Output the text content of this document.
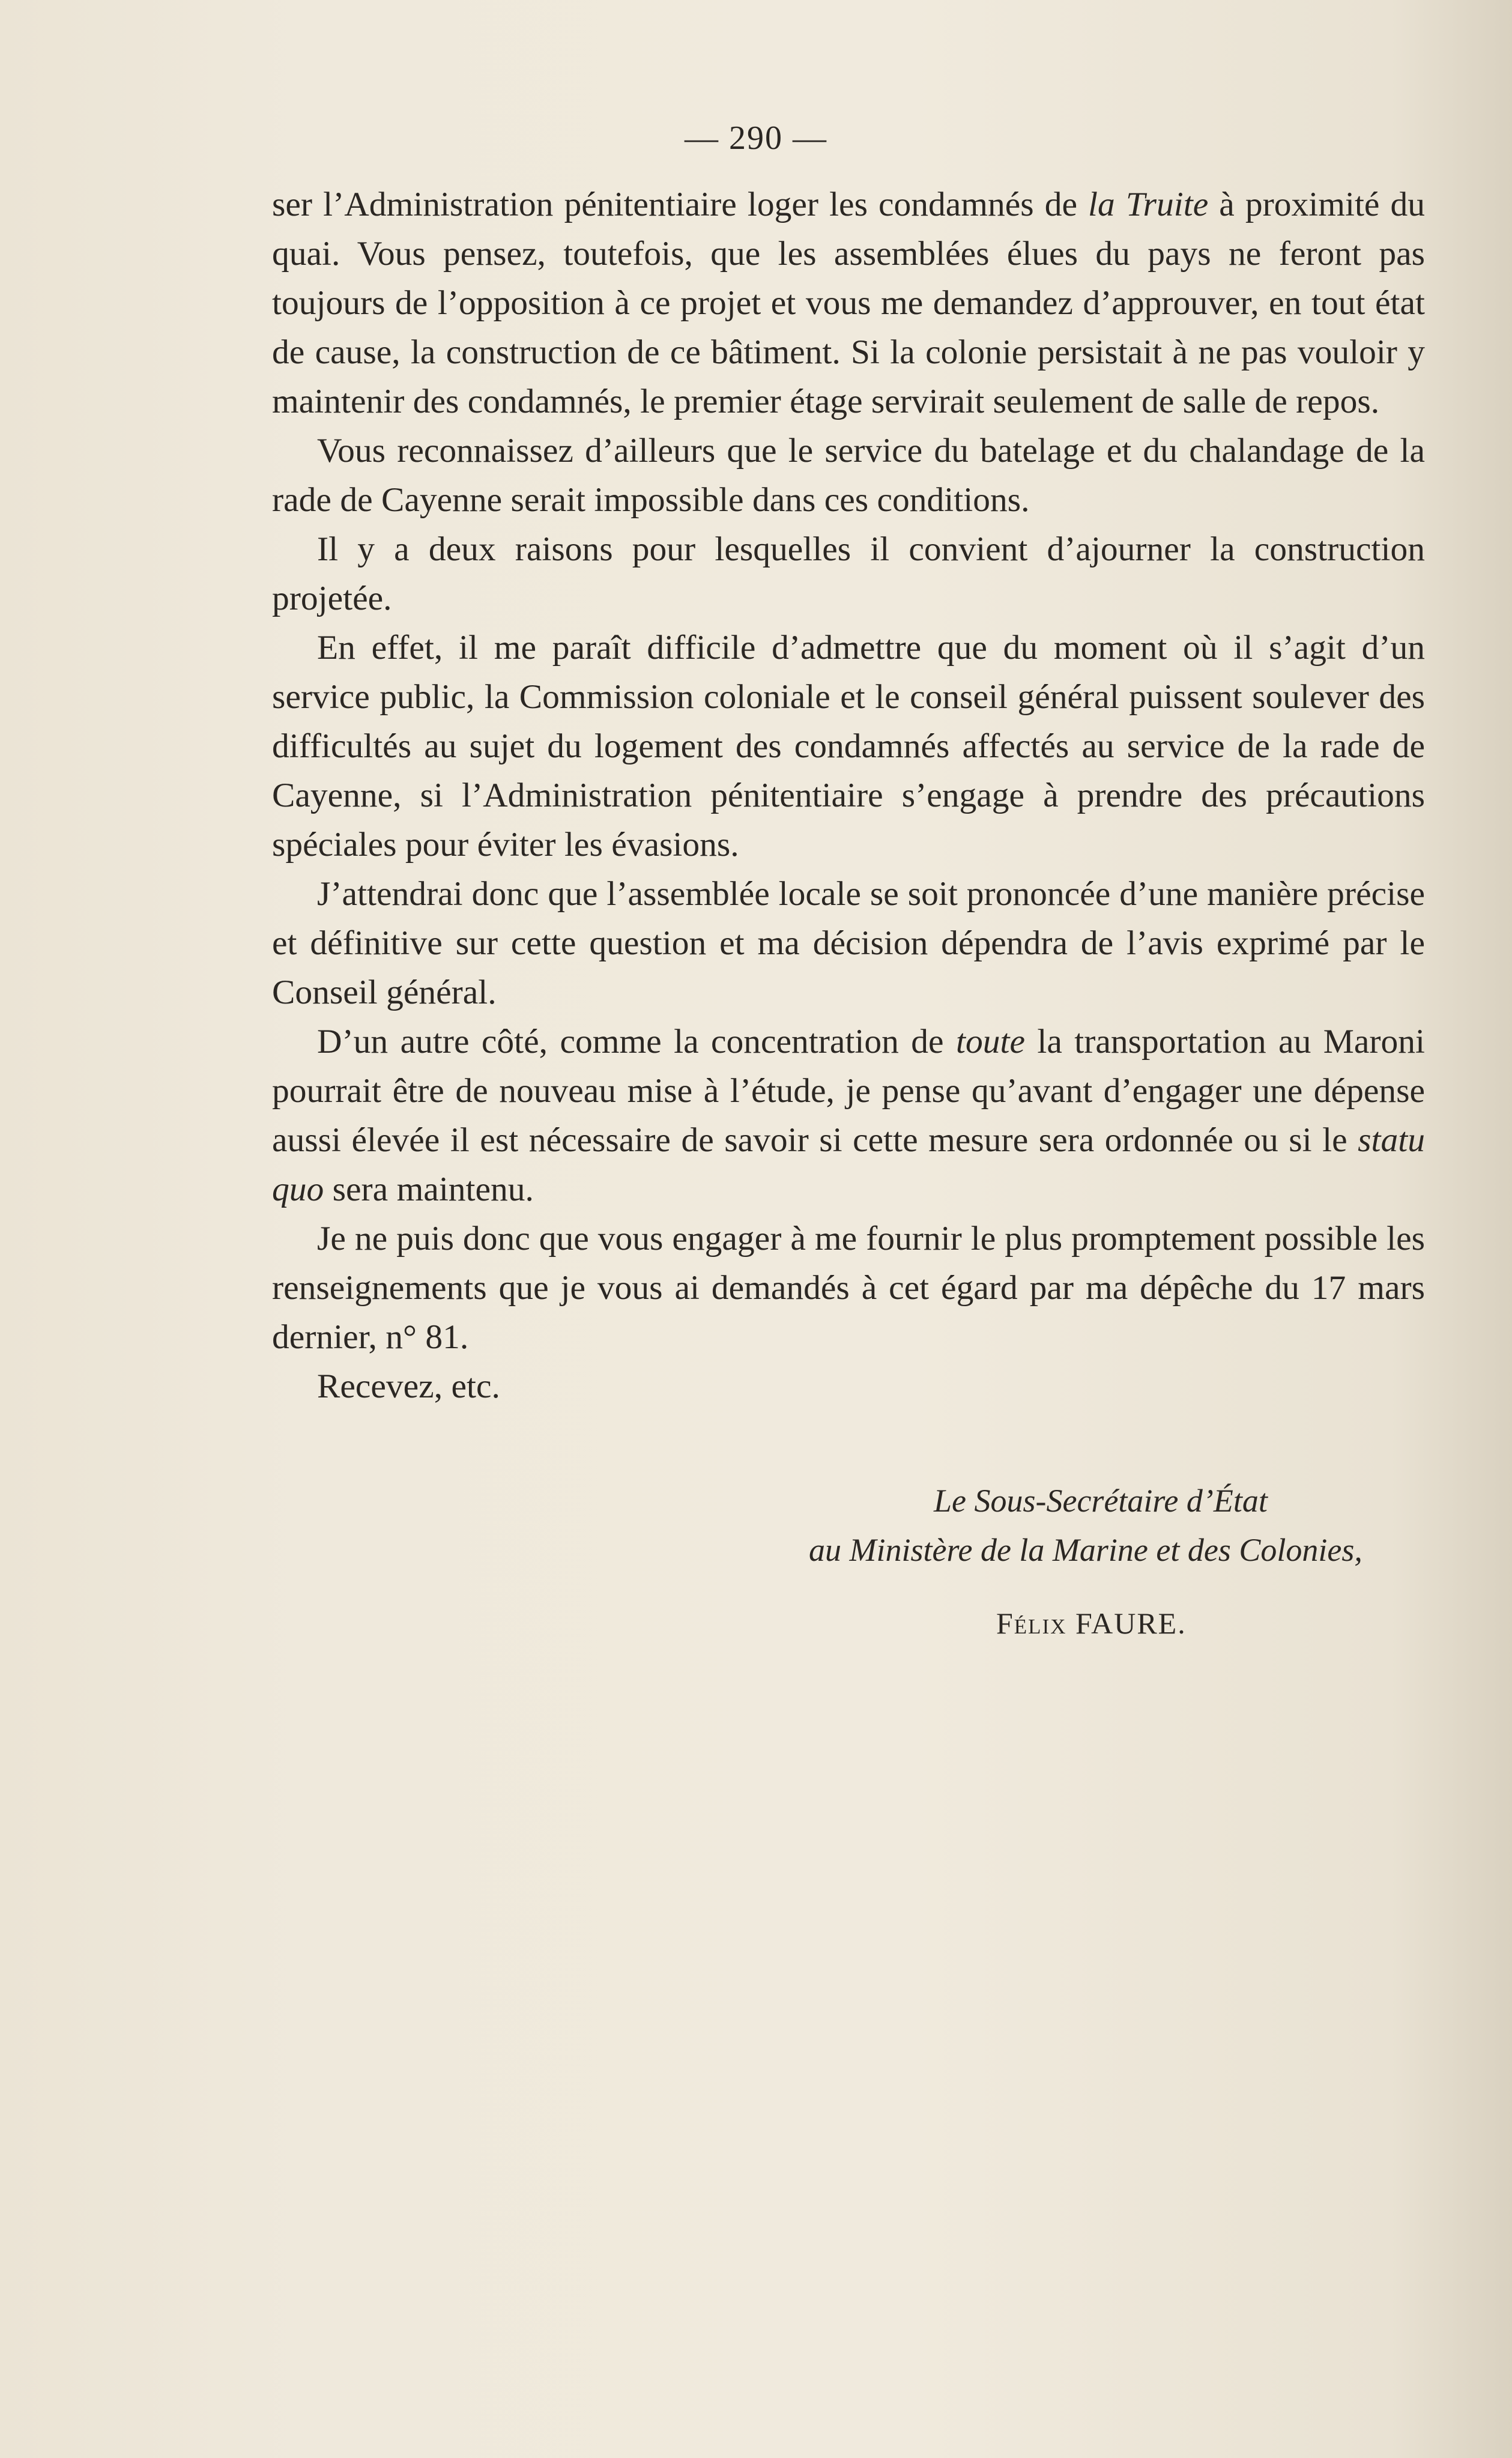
— 290 —

ser l’Administration pénitentiaire loger les condamnés de la Truite à proximité du quai. Vous pensez, toutefois, que les assemblées élues du pays ne feront pas toujours de l’opposition à ce projet et vous me demandez d’approuver, en tout état de cause, la construction de ce bâtiment. Si la colonie persistait à ne pas vouloir y maintenir des condamnés, le premier étage servirait seulement de salle de repos.

Vous reconnaissez d’ailleurs que le service du batelage et du chalandage de la rade de Cayenne serait impossible dans ces conditions.

Il y a deux raisons pour lesquelles il convient d’ajourner la construction projetée.

En effet, il me paraît difficile d’admettre que du moment où il s’agit d’un service public, la Commission coloniale et le conseil général puissent soulever des difficultés au sujet du logement des condamnés affectés au service de la rade de Cayenne, si l’Administration pénitentiaire s’engage à prendre des précautions spéciales pour éviter les évasions.

J’attendrai donc que l’assemblée locale se soit prononcée d’une manière précise et définitive sur cette question et ma décision dépendra de l’avis exprimé par le Conseil général.

D’un autre côté, comme la concentration de toute la transportation au Maroni pourrait être de nouveau mise à l’étude, je pense qu’avant d’engager une dépense aussi élevée il est nécessaire de savoir si cette mesure sera ordonnée ou si le statu quo sera maintenu.

Je ne puis donc que vous engager à me fournir le plus promptement possible les renseignements que je vous ai demandés à cet égard par ma dépêche du 17 mars dernier, n° 81.

Recevez, etc.

Le Sous-Secrétaire d’État
au Ministère de la Marine et des Colonies,
Félix FAURE.
